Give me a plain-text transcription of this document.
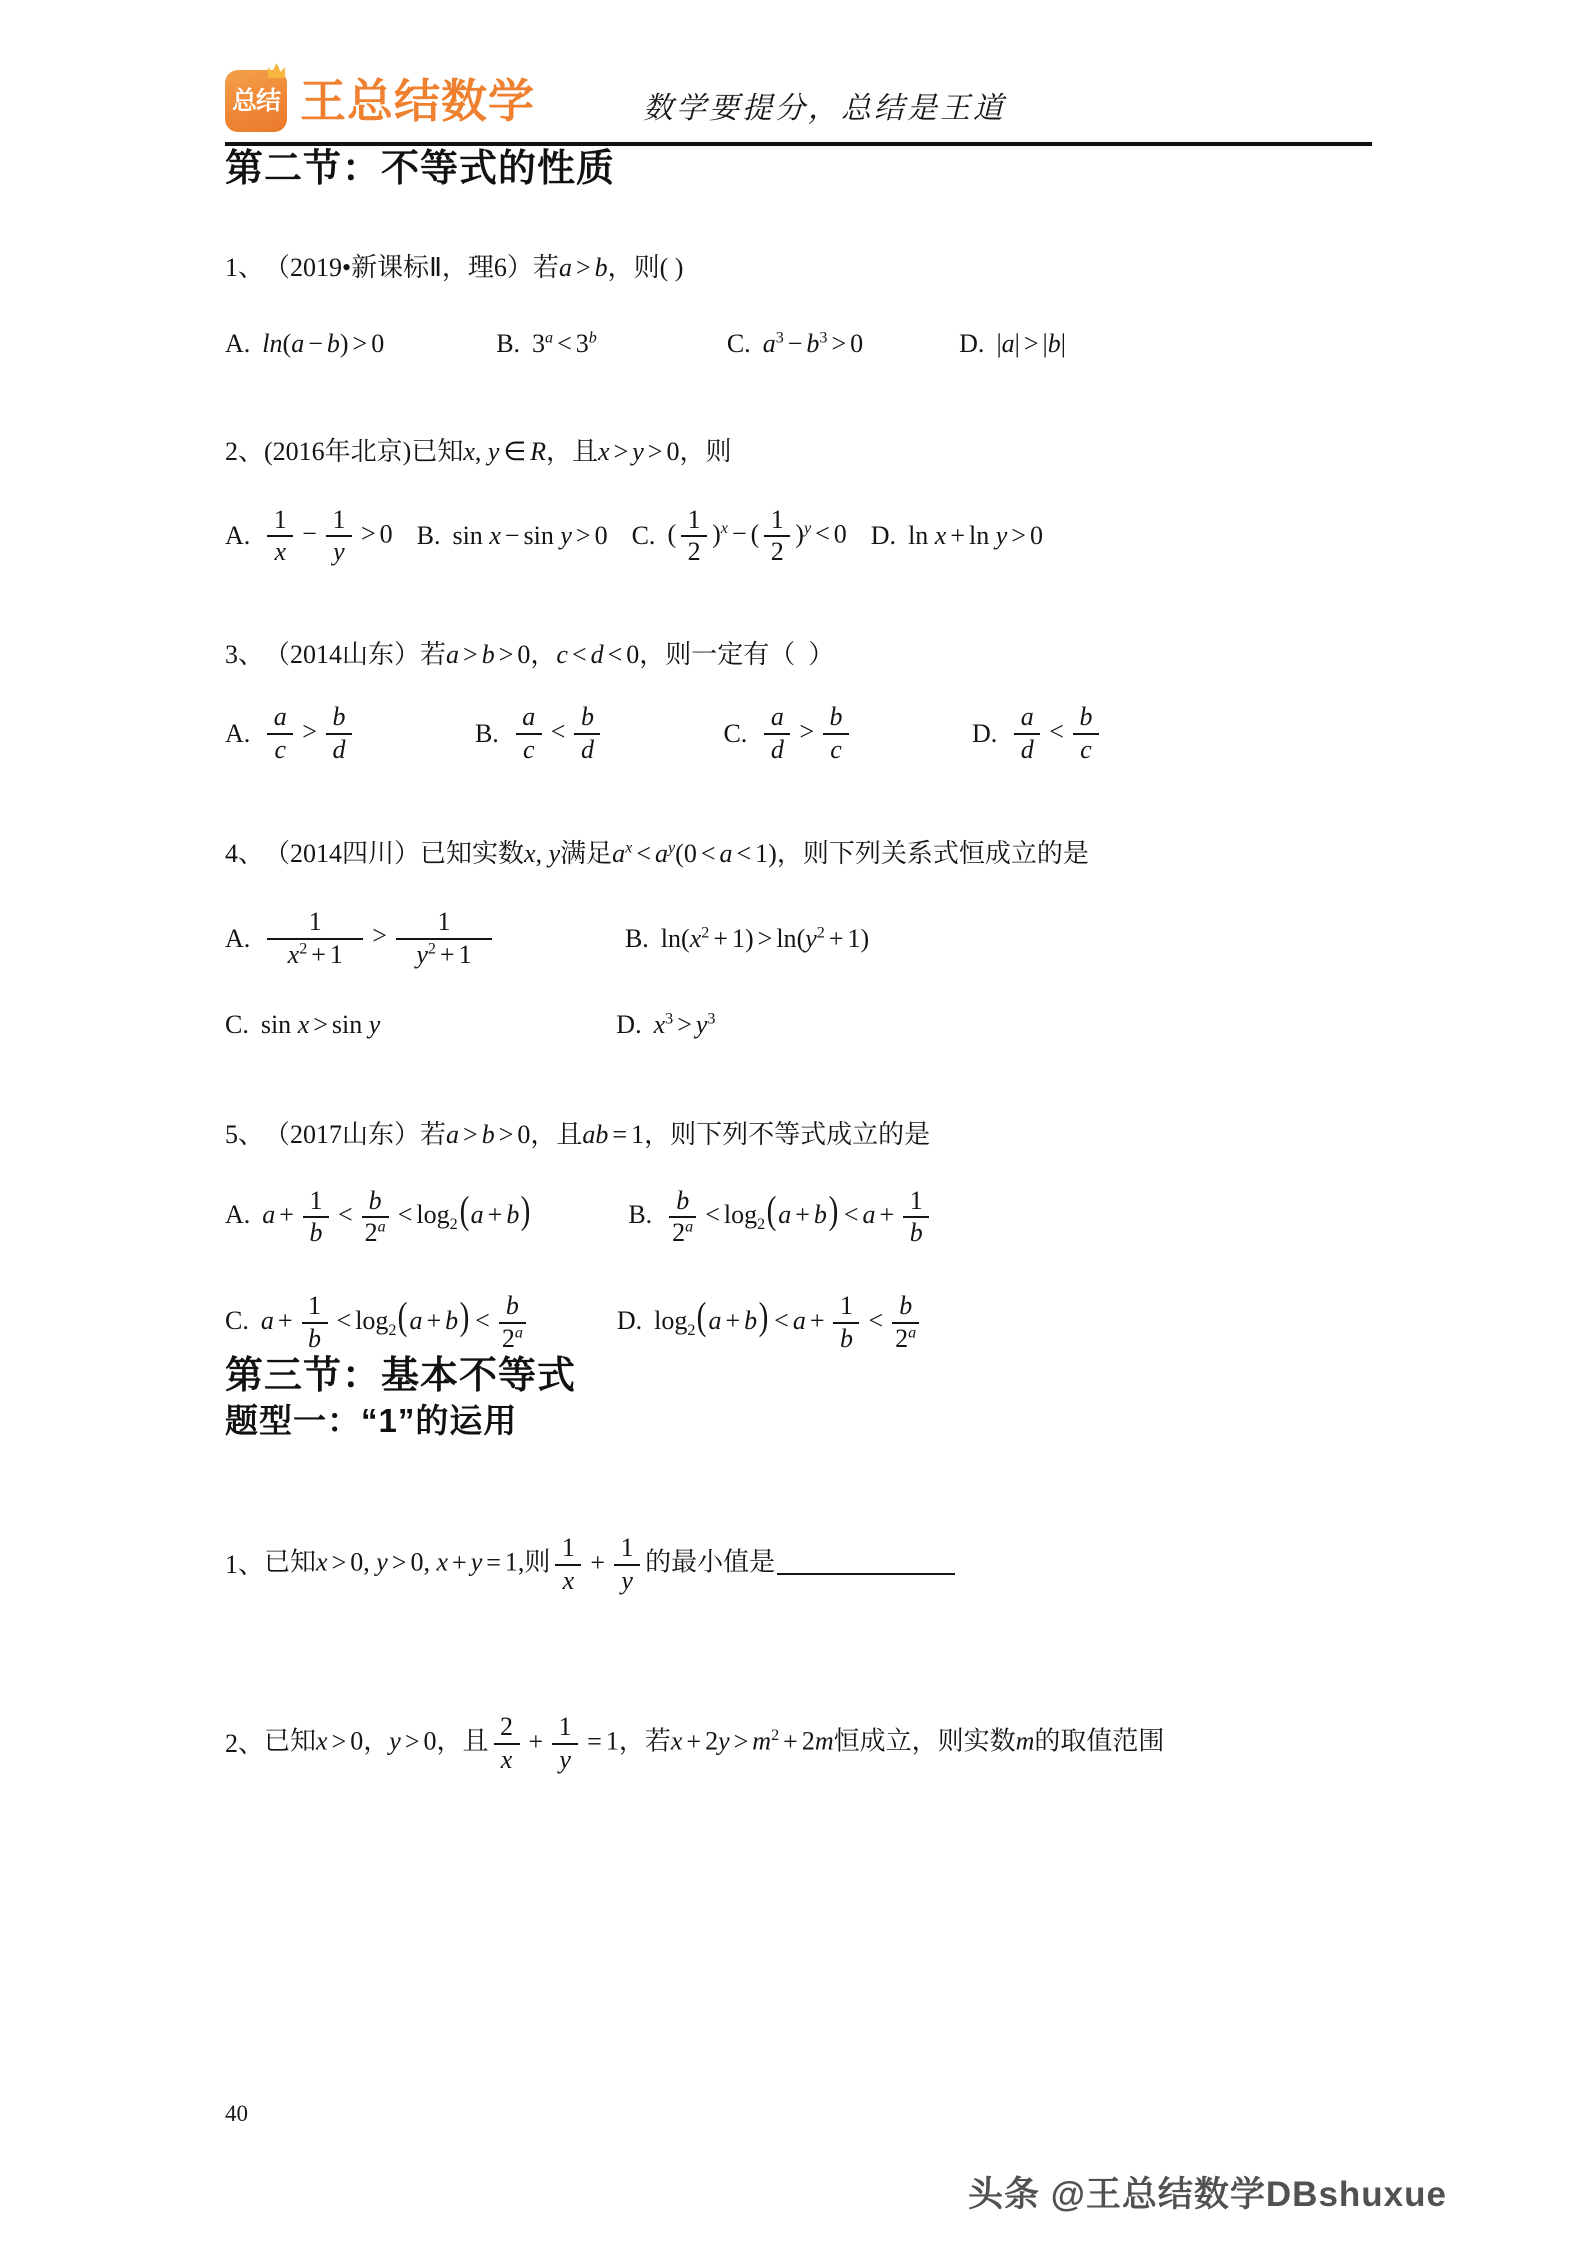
总结 王总结数学	数学要提分，总结是王道
第二节：不等式的性质
1、 （2019•新课标Ⅱ，理6） 若a > b ，则( )
A. ln(a − b) > 0	B. $3^a < 3^b$	C. $a^3 - b^3 > 0$	D. |a| > |b|
2、 (2016年北京) 已知x, y ∈ R，且x > y > 0，则
A. $\frac{1}{x} - \frac{1}{y} > 0$ B. sin x − sin y > 0 C. ( $\frac{1}{2} )^x$ − ( $\frac{1}{2} )^y < 0$ D. ln x + ln y > 0
3、 （2014山东） 若a > b > 0，c < d < 0，则一定有（  ）
A. $\frac{a}{c} > \frac{b}{d}$	B. $\frac{a}{c} < \frac{b}{d}$	C. $\frac{a}{d} > \frac{b}{c}$	D. $\frac{a}{d} < \frac{b}{c}$
4、 （2014四川） 已知实数x, y满足$a^x < a^y(0 < a < 1)$，则下列关系式恒成立的是
A. $\frac{1}{x^2 + 1} > \frac{1}{y^2 + 1}$	B. $\ln(x^2 + 1) > \ln(y^2 + 1)$
C. sin x > sin y	D. $x^3 > y^3$
5、 （2017山东） 若a > b > 0，且ab = 1，则下列不等式成立的是
A. $a + \frac{1}{b} < \frac{b}{2^a} < \log_2(a + b)$	B. $\frac{b}{2^a} < \log_2(a + b) < a + \frac{1}{b}$
C. $a + \frac{1}{b} < \log_2(a + b) < \frac{b}{2^a}$	D. $\log_2(a + b) < a + \frac{1}{b} < \frac{b}{2^a}$
第三节：基本不等式
题型一：“1”的运用
1、 已知x > 0, y > 0, x + y = 1,则 $\frac{1}{x} + \frac{1}{y}$ 的最小值是
2、 已知x > 0，y > 0，且 $\frac{2}{x} + \frac{1}{y} = 1$，若$x + 2y > m^2 + 2m$恒成立，则实数m的取值范围
40
头条 @王总结数学DBshuxue
